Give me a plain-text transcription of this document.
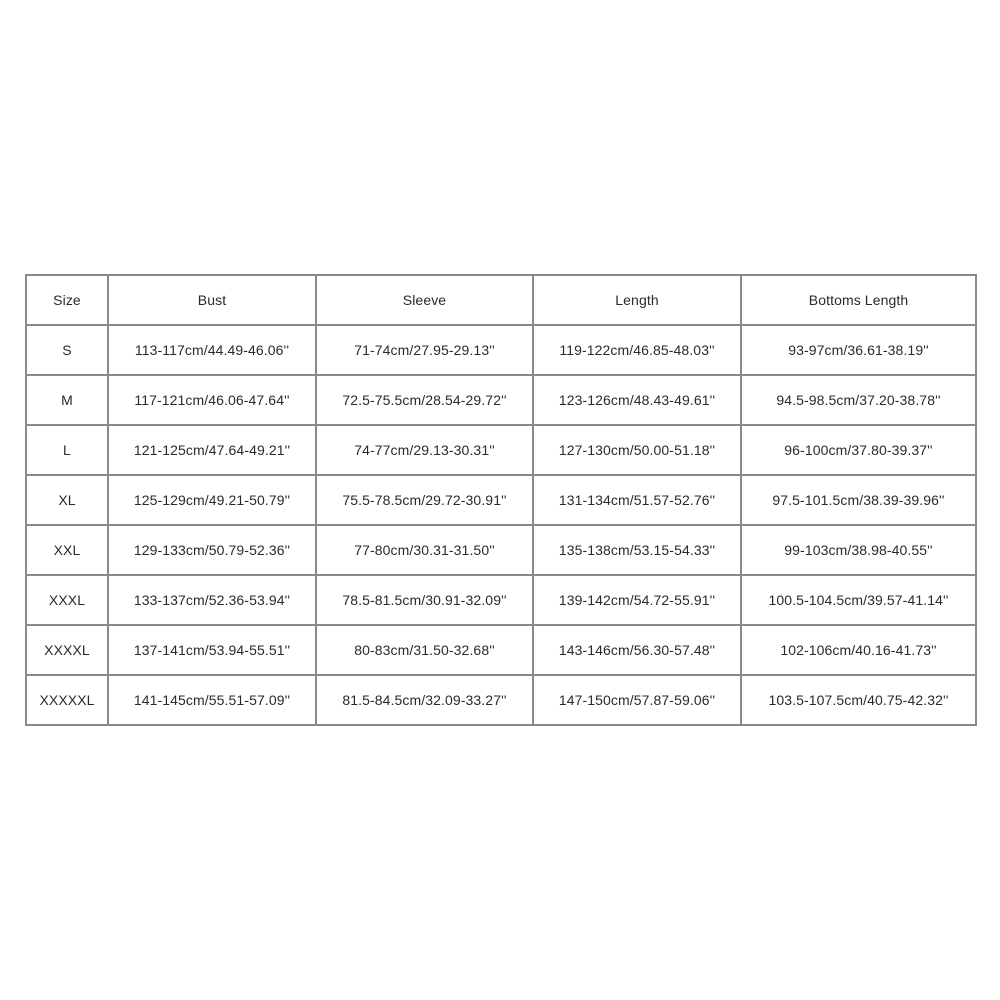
Size	Bust	Sleeve	Length	Bottoms Length
S	113-117cm/44.49-46.06''	71-74cm/27.95-29.13''	119-122cm/46.85-48.03''	93-97cm/36.61-38.19''
M	117-121cm/46.06-47.64''	72.5-75.5cm/28.54-29.72''	123-126cm/48.43-49.61''	94.5-98.5cm/37.20-38.78''
L	121-125cm/47.64-49.21''	74-77cm/29.13-30.31''	127-130cm/50.00-51.18''	96-100cm/37.80-39.37''
XL	125-129cm/49.21-50.79''	75.5-78.5cm/29.72-30.91''	131-134cm/51.57-52.76''	97.5-101.5cm/38.39-39.96''
XXL	129-133cm/50.79-52.36''	77-80cm/30.31-31.50''	135-138cm/53.15-54.33''	99-103cm/38.98-40.55''
XXXL	133-137cm/52.36-53.94''	78.5-81.5cm/30.91-32.09''	139-142cm/54.72-55.91''	100.5-104.5cm/39.57-41.14''
XXXXL	137-141cm/53.94-55.51''	80-83cm/31.50-32.68''	143-146cm/56.30-57.48''	102-106cm/40.16-41.73''
XXXXXL	141-145cm/55.51-57.09''	81.5-84.5cm/32.09-33.27''	147-150cm/57.87-59.06''	103.5-107.5cm/40.75-42.32''
